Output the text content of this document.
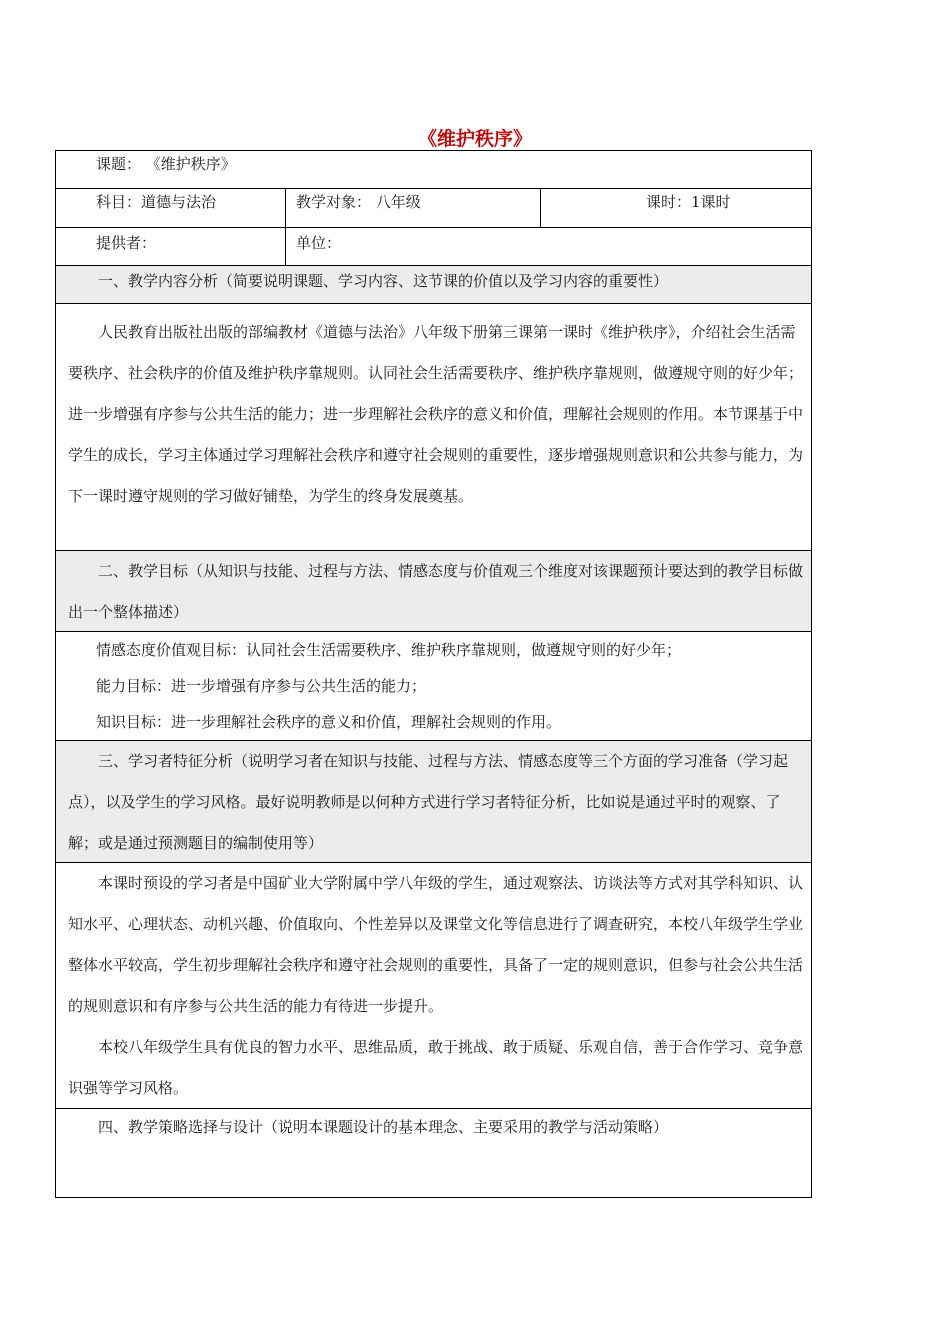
《维护秩序》
课题： 《维护秩序》
科目：道德与法治	教学对象： 八年级	课时：1课时
提供者：	单位：

一、教学内容分析（简要说明课题、学习内容、这节课的价值以及学习内容的重要性）

人民教育出版社出版的部编教材《道德与法治》八年级下册第三课第一课时《维护秩序》，介绍社会生活需要秩序、社会秩序的价值及维护秩序靠规则。认同社会生活需要秩序、维护秩序靠规则，做遵规守则的好少年；进一步增强有序参与公共生活的能力；进一步理解社会秩序的意义和价值，理解社会规则的作用。本节课基于中学生的成长，学习主体通过学习理解社会秩序和遵守社会规则的重要性，逐步增强规则意识和公共参与能力，为下一课时遵守规则的学习做好铺垫，为学生的终身发展奠基。

二、教学目标（从知识与技能、过程与方法、情感态度与价值观三个维度对该课题预计要达到的教学目标做出一个整体描述）

情感态度价值观目标：认同社会生活需要秩序、维护秩序靠规则，做遵规守则的好少年；

能力目标：进一步增强有序参与公共生活的能力；

知识目标：进一步理解社会秩序的意义和价值，理解社会规则的作用。

三、学习者特征分析（说明学习者在知识与技能、过程与方法、情感态度等三个方面的学习准备（学习起点），以及学生的学习风格。最好说明教师是以何种方式进行学习者特征分析，比如说是通过平时的观察、了解；或是通过预测题目的编制使用等）

本课时预设的学习者是中国矿业大学附属中学八年级的学生，通过观察法、访谈法等方式对其学科知识、认知水平、心理状态、动机兴趣、价值取向、个性差异以及课堂文化等信息进行了调查研究，本校八年级学生学业整体水平较高，学生初步理解社会秩序和遵守社会规则的重要性，具备了一定的规则意识，但参与社会公共生活的规则意识和有序参与公共生活的能力有待进一步提升。

本校八年级学生具有优良的智力水平、思维品质，敢于挑战、敢于质疑、乐观自信，善于合作学习、竞争意识强等学习风格。

四、教学策略选择与设计（说明本课题设计的基本理念、主要采用的教学与活动策略）
